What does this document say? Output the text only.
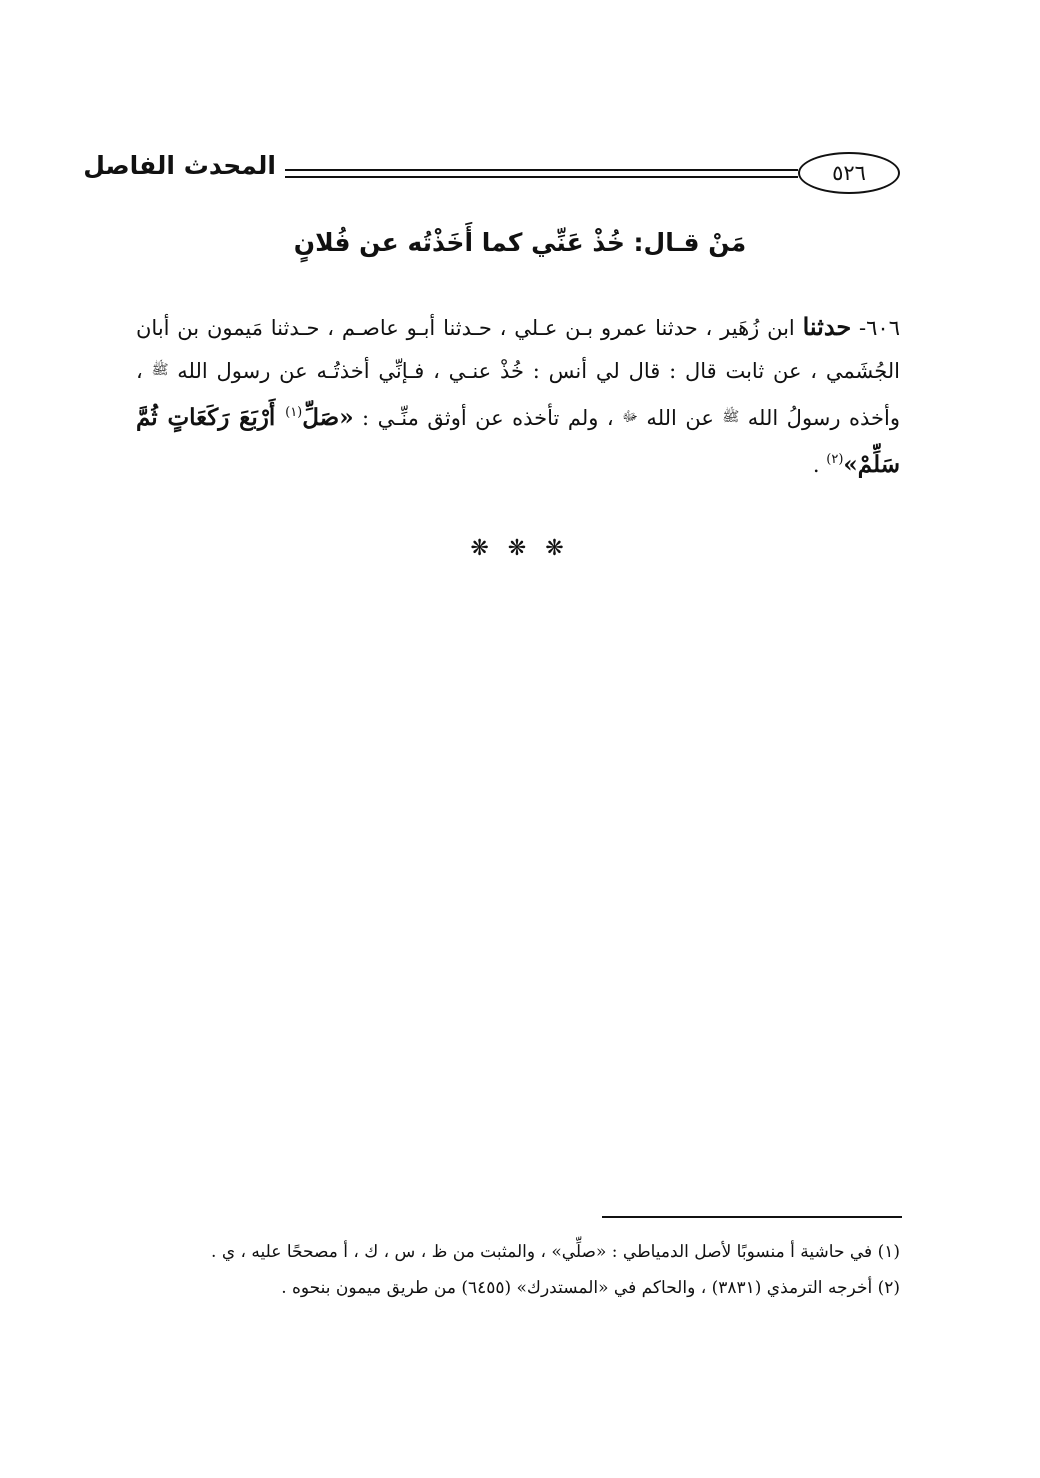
٥٢٦
المحدث الفاصل
مَنْ قـال: خُذْ عَنِّي كما أَخَذْتُه عن فُلانٍ
٦٠٦- حدثنا ابن زُهَير ، حدثنا عمرو بـن عـلي ، حـدثنا أبـو عاصـم ، حـدثنا مَيمون بن أبان الجُشَمي ، عن ثابت قال : قال لي أنس : خُذْ عنـي ، فـإنِّي أخذتُـه عن رسول الله ﷺ ، وأخذه رسولُ الله ﷺ عن الله ﷻ ، ولم تأخذه عن أوثق منِّـي : «صَلِّ$^{(١)}$ أَرْبَعَ رَكَعَاتٍ ثُمَّ سَلِّمْ»$^{(٢)}$ .
❋ ❋ ❋
(١) في حاشية أ منسوبًا لأصل الدمياطي : «صلِّي» ، والمثبت من ظ ، س ، ك ، أ مصححًا عليه ، ي .
(٢) أخرجه الترمذي (٣٨٣١) ، والحاكم في «المستدرك» (٦٤٥٥) من طريق ميمون بنحوه .
